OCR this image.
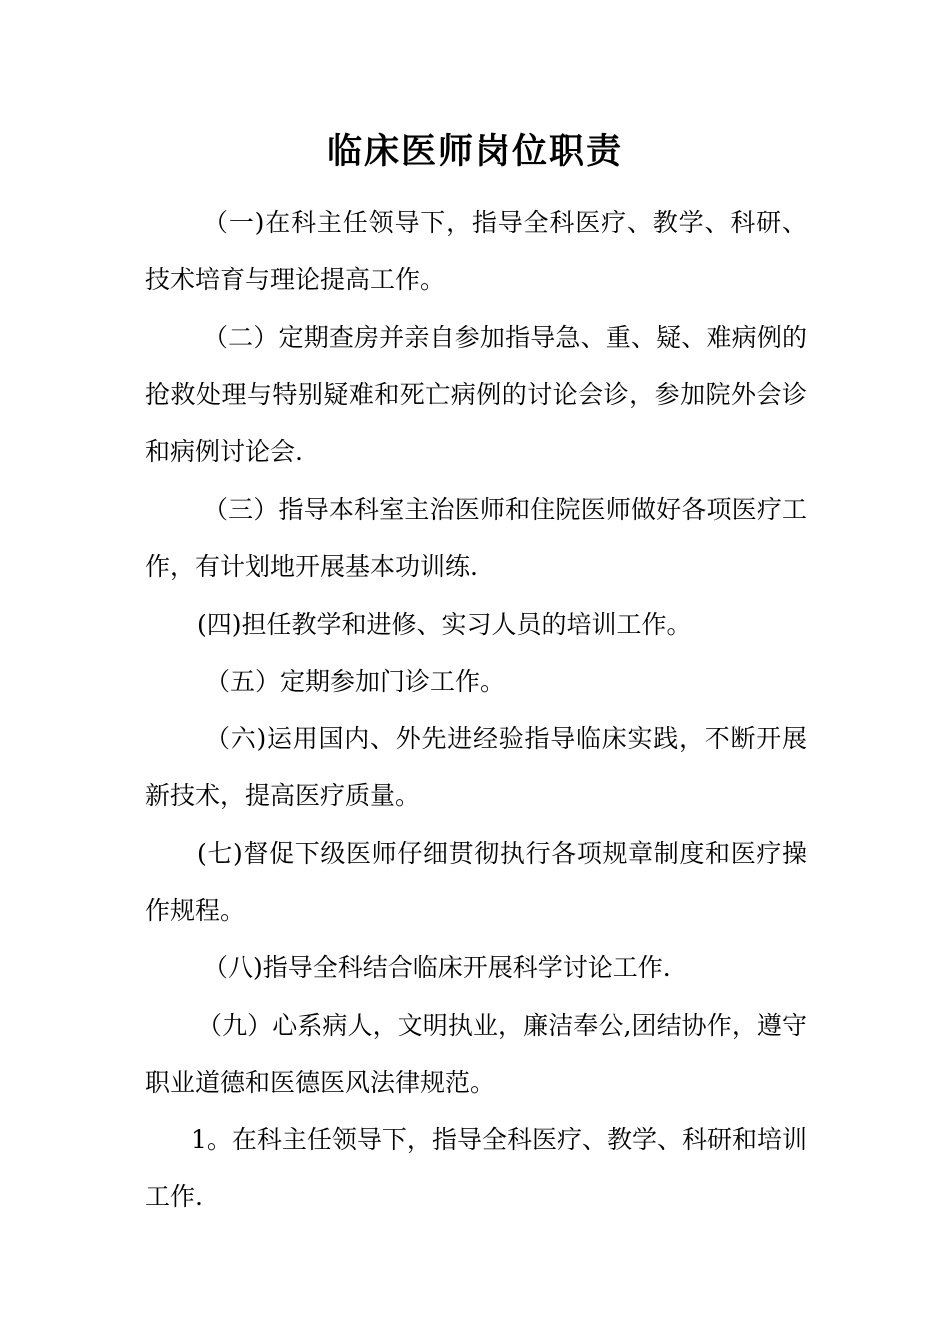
临床医师岗位职责

（一)在科主任领导下，指导全科医疗、教学、科研、技术培育与理论提高工作。

（二）定期查房并亲自参加指导急、重、疑、难病例的抢救处理与特别疑难和死亡病例的讨论会诊，参加院外会诊和病例讨论会.

（三）指导本科室主治医师和住院医师做好各项医疗工作，有计划地开展基本功训练.

(四)担任教学和进修、实习人员的培训工作。

（五）定期参加门诊工作。

（六)运用国内、外先进经验指导临床实践，不断开展新技术，提高医疗质量。

(七)督促下级医师仔细贯彻执行各项规章制度和医疗操作规程。

（八)指导全科结合临床开展科学讨论工作.

（九）心系病人，文明执业，廉洁奉公,团结协作，遵守职业道德和医德医风法律规范。

1。在科主任领导下，指导全科医疗、教学、科研和培训工作.
